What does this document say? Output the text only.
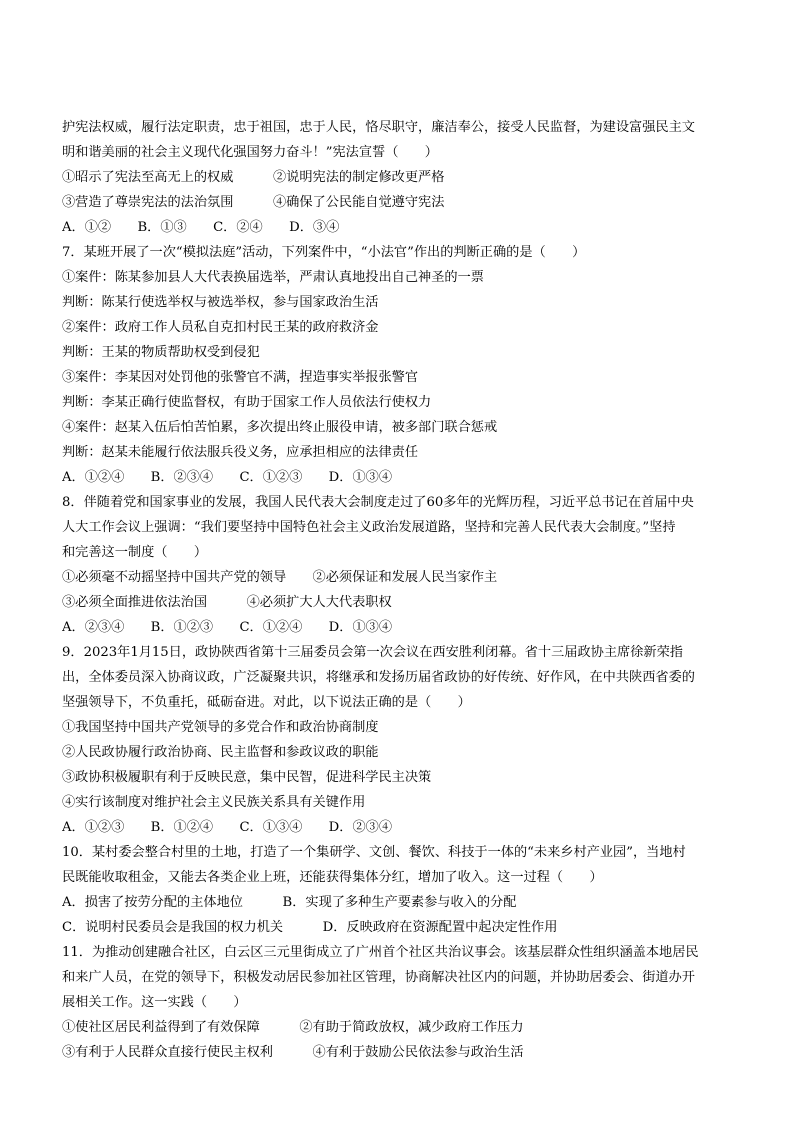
护宪法权威，履行法定职责，忠于祖国，忠于人民，恪尽职守，廉洁奉公，接受人民监督，为建设富强民主文
明和谐美丽的社会主义现代化强国努力奋斗！”宪法宣誓（　　）
①昭示了宪法至高无上的权威　　　②说明宪法的制定修改更严格
③营造了尊崇宪法的法治氛围　　　④确保了公民能自觉遵守宪法
A．①②　　B．①③　　C．②④　　D．③④
7．某班开展了一次“模拟法庭”活动，下列案件中，“小法官”作出的判断正确的是（　　）
①案件：陈某参加县人大代表换届选举，严肃认真地投出自己神圣的一票
判断：陈某行使选举权与被选举权，参与国家政治生活
②案件：政府工作人员私自克扣村民王某的政府救济金
判断：王某的物质帮助权受到侵犯
③案件：李某因对处罚他的张警官不满，捏造事实举报张警官
判断：李某正确行使监督权，有助于国家工作人员依法行使权力
④案件：赵某入伍后怕苦怕累，多次提出终止服役申请，被多部门联合惩戒
判断：赵某未能履行依法服兵役义务，应承担相应的法律责任
A．①②④　　B．②③④　　C．①②③　　D．①③④
8．伴随着党和国家事业的发展，我国人民代表大会制度走过了60多年的光辉历程，习近平总书记在首届中央
人大工作会议上强调：“我们要坚持中国特色社会主义政治发展道路，坚持和完善人民代表大会制度。”坚持
和完善这一制度（　　）
①必须毫不动摇坚持中国共产党的领导　　②必须保证和发展人民当家作主
③必须全面推进依法治国　　　④必须扩大人大代表职权
A．②③④　　B．①②③　　C．①②④　　D．①③④
9．2023年1月15日，政协陕西省第十三届委员会第一次会议在西安胜利闭幕。省十三届政协主席徐新荣指
出，全体委员深入协商议政，广泛凝聚共识，将继承和发扬历届省政协的好传统、好作风，在中共陕西省委的
坚强领导下，不负重托，砥砺奋进。对此，以下说法正确的是（　　）
①我国坚持中国共产党领导的多党合作和政治协商制度
②人民政协履行政治协商、民主监督和参政议政的职能
③政协积极履职有利于反映民意，集中民智，促进科学民主决策
④实行该制度对维护社会主义民族关系具有关键作用
A．①②③　　B．①②④　　C．①③④　　D．②③④
10．某村委会整合村里的土地，打造了一个集研学、文创、餐饮、科技于一体的“未来乡村产业园”，当地村
民既能收取租金，又能去各类企业上班，还能获得集体分红，增加了收入。这一过程（　　）
A．损害了按劳分配的主体地位　　　B．实现了多种生产要素参与收入的分配
C．说明村民委员会是我国的权力机关　　　D．反映政府在资源配置中起决定性作用
11．为推动创建融合社区，白云区三元里街成立了广州首个社区共治议事会。该基层群众性组织涵盖本地居民
和来广人员，在党的领导下，积极发动居民参加社区管理，协商解决社区内的问题，并协助居委会、街道办开
展相关工作。这一实践（　　）
①使社区居民利益得到了有效保障　　　②有助于简政放权，减少政府工作压力
③有利于人民群众直接行使民主权利　　　④有利于鼓励公民依法参与政治生活
